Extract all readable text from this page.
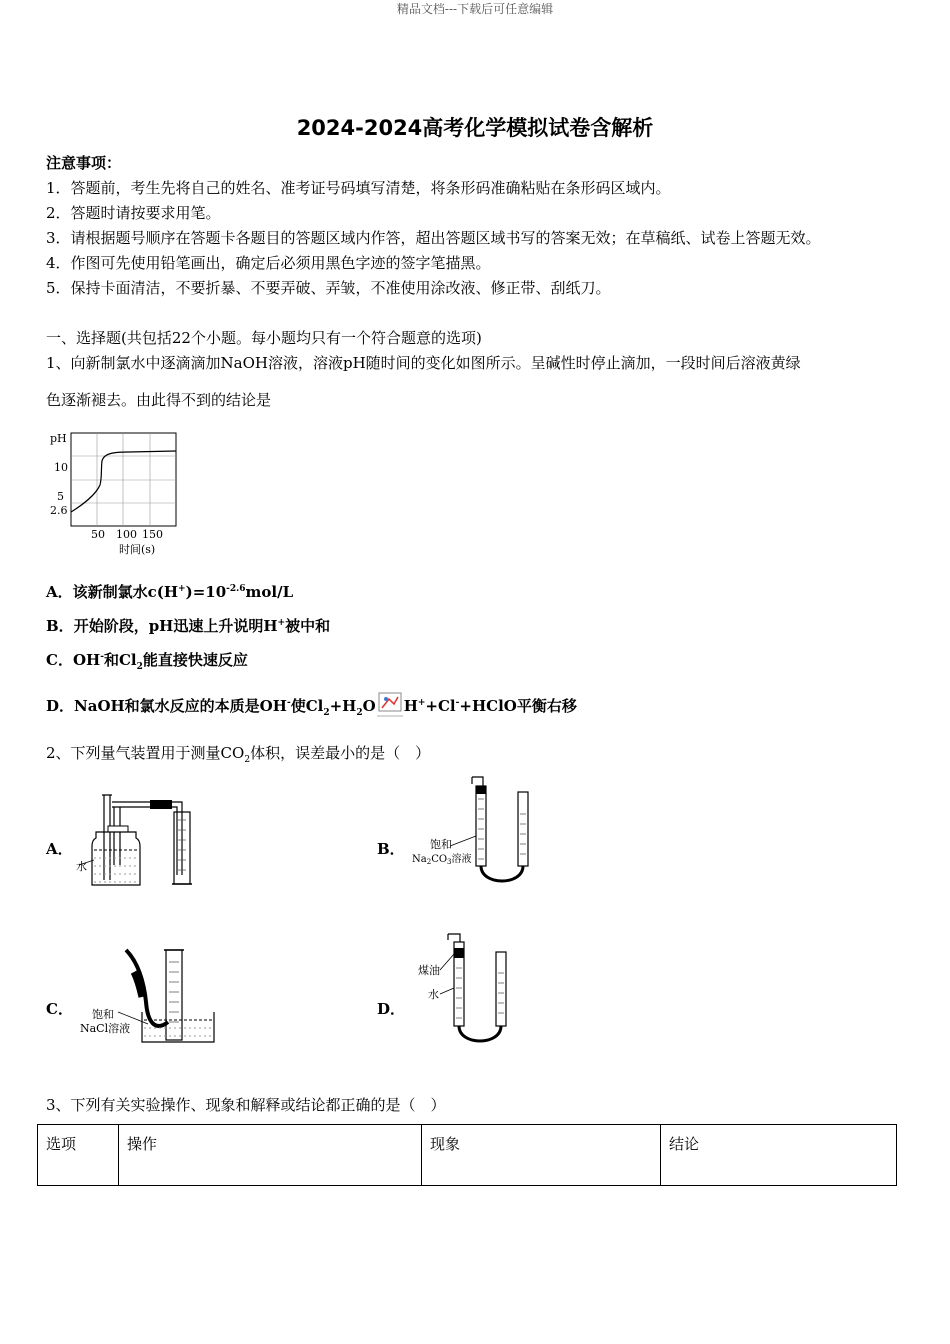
精品文档---下载后可任意编辑
2024-2024高考化学模拟试卷含解析
注意事项：
1．答题前，考生先将自己的姓名、准考证号码填写清楚，将条形码准确粘贴在条形码区域内。
2．答题时请按要求用笔。
3．请根据题号顺序在答题卡各题目的答题区域内作答，超出答题区域书写的答案无效；在草稿纸、试卷上答题无效。
4．作图可先使用铅笔画出，确定后必须用黑色字迹的签字笔描黑。
5．保持卡面清洁，不要折暴、不要弄破、弄皱，不准使用涂改液、修正带、刮纸刀。
一、选择题(共包括22个小题。每小题均只有一个符合题意的选项)
1、向新制氯水中逐滴滴加NaOH溶液，溶液pH随时间的变化如图所示。呈碱性时停止滴加，一段时间后溶液黄绿
色逐渐褪去。由此得不到的结论是
pH
10
5
2.6
50 100 150
时间(s)
A．该新制氯水$c(H^+)=10^{-2.6}mol/L$
B．开始阶段，pH迅速上升说明H+被中和
C．OH-和$Cl_2$能直接快速反应
D．NaOH和氯水反应的本质是OH-使$Cl_2+H_2O$ H++Cl-+HClO平衡右移
2、下列量气装置用于测量$CO_2$体积，误差最小的是（　）
A．
水
B． 饱和
$Na_2CO_3$溶液
C． 饱和
NaCl溶液
D．
煤油
水
3、下列有关实验操作、现象和解释或结论都正确的是（　）
选项	操作	现象	结论
